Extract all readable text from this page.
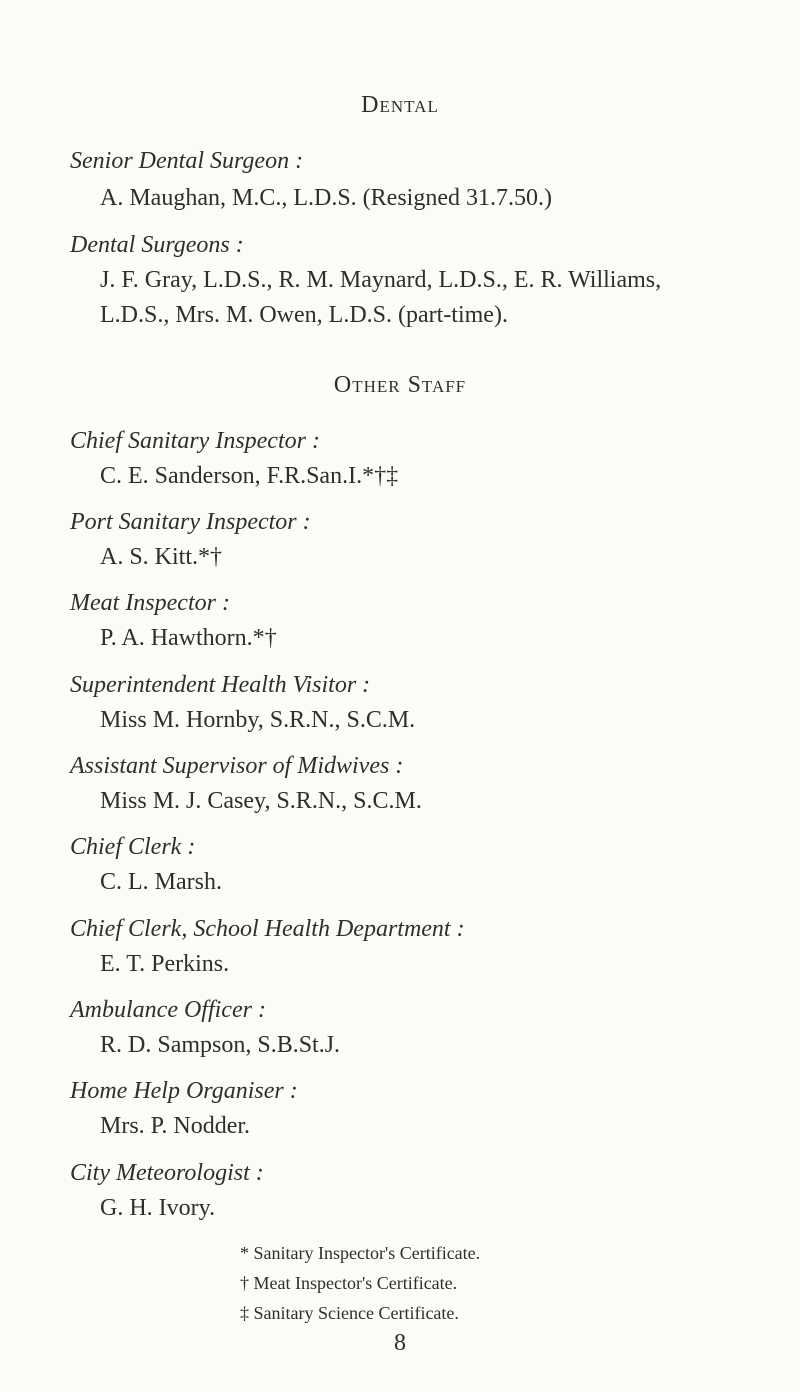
Dental
Senior Dental Surgeon :
A. Maughan, M.C., L.D.S. (Resigned 31.7.50.)
Dental Surgeons :
J. F. Gray, L.D.S., R. M. Maynard, L.D.S., E. R. Williams,
L.D.S., Mrs. M. Owen, L.D.S. (part-time).
Other Staff
Chief Sanitary Inspector :
C. E. Sanderson, F.R.San.I.*†‡
Port Sanitary Inspector :
A. S. Kitt.*†
Meat Inspector :
P. A. Hawthorn.*†
Superintendent Health Visitor :
Miss M. Hornby, S.R.N., S.C.M.
Assistant Supervisor of Midwives :
Miss M. J. Casey, S.R.N., S.C.M.
Chief Clerk :
C. L. Marsh.
Chief Clerk, School Health Department :
E. T. Perkins.
Ambulance Officer :
R. D. Sampson, S.B.St.J.
Home Help Organiser :
Mrs. P. Nodder.
City Meteorologist :
G. H. Ivory.
* Sanitary Inspector's Certificate.
† Meat Inspector's Certificate.
‡ Sanitary Science Certificate.
8
